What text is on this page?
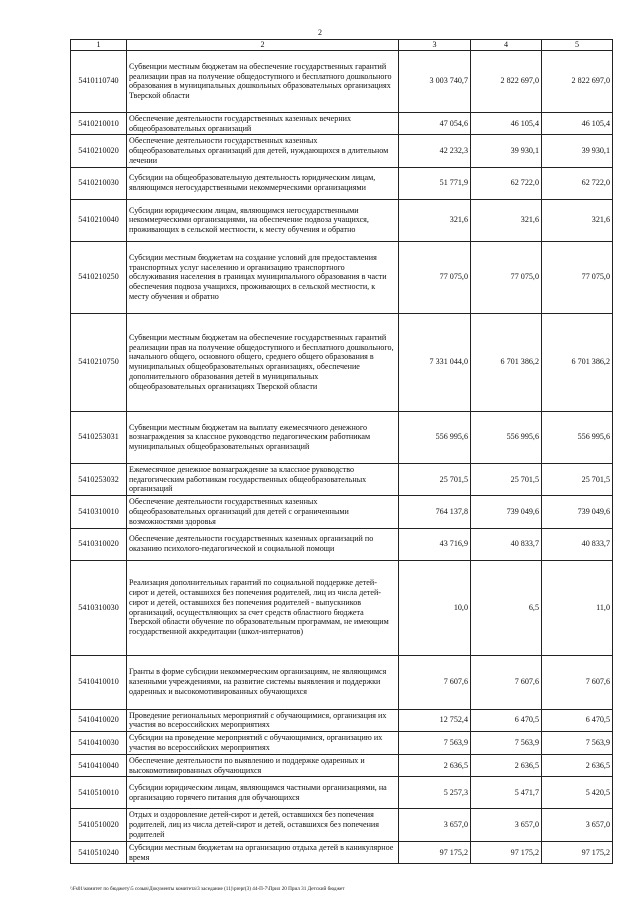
2
1	2	3	4	5
5410110740	Субвенции местным бюджетам на обеспечение государственных гарантий реализации прав на получение общедоступного и бесплатного дошкольного образования в муниципальных дошкольных образовательных организациях Тверской области	3 003 740,7	2 822 697,0	2 822 697,0
5410210010	Обеспечение деятельности государственных казенных вечерних общеобразовательных организаций	47 054,6	46 105,4	46 105,4
5410210020	Обеспечение деятельности государственных казенных общеобразовательных организаций для детей, нуждающихся в длительном лечении	42 232,3	39 930,1	39 930,1
5410210030	Субсидии на общеобразовательную деятельность юридическим лицам, являющимся негосударственными некоммерческими организациями	51 771,9	62 722,0	62 722,0
5410210040	Субсидии юридическим лицам, являющимся негосударственными некоммерческими организациями, на обеспечение подвоза учащихся, проживающих в сельской местности, к месту обучения и обратно	321,6	321,6	321,6
5410210250	Субсидии местным бюджетам на создание условий для предоставления транспортных услуг населению и организацию транспортного обслуживания населения в границах муниципального образования в части обеспечения подвоза учащихся, проживающих в сельской местности, к месту обучения и обратно	77 075,0	77 075,0	77 075,0
5410210750	Субвенции местным бюджетам на обеспечение государственных гарантий реализации прав на получение общедоступного и бесплатного дошкольного, начального общего, основного общего, среднего общего образования в муниципальных общеобразовательных организациях, обеспечение дополнительного образования детей в муниципальных общеобразовательных организациях Тверской области	7 331 044,0	6 701 386,2	6 701 386,2
5410253031	Субвенции местным бюджетам на выплату ежемесячного денежного вознаграждения за классное руководство педагогическим работникам муниципальных общеобразовательных организаций	556 995,6	556 995,6	556 995,6
5410253032	Ежемесячное денежное вознаграждение за классное руководство педагогическим работникам государственных общеобразовательных организаций	25 701,5	25 701,5	25 701,5
5410310010	Обеспечение деятельности государственных казенных общеобразовательных организаций для детей с ограниченными возможностями здоровья	764 137,8	739 049,6	739 049,6
5410310020	Обеспечение деятельности государственных казенных организаций по оказанию психолого-педагогической и социальной помощи	43 716,9	40 833,7	40 833,7
5410310030	Реализация дополнительных гарантий по социальной поддержке детей-сирот и детей, оставшихся без попечения родителей, лиц из числа детей-сирот и детей, оставшихся без попечения родителей - выпускников организаций, осуществляющих за счет средств областного бюджета Тверской области обучение по образовательным программам, не имеющим государственной аккредитации (школ-интернатов)	10,0	6,5	11,0
5410410010	Гранты в форме субсидии некоммерческим организациям, не являющимся казенными учреждениями, на развитие системы выявления и поддержки одаренных и высокомотивированных обучающихся	7 607,6	7 607,6	7 607,6
5410410020	Проведение региональных мероприятий с обучающимися, организация их участия во всероссийских мероприятиях	12 752,4	6 470,5	6 470,5
5410410030	Субсидии на проведение мероприятий с обучающимися, организацию их участия во всероссийских мероприятиях	7 563,9	7 563,9	7 563,9
5410410040	Обеспечение деятельности по выявлению и поддержке одаренных и высокомотивированных обучающихся	2 636,5	2 636,5	2 636,5
5410510010	Субсидии юридическим лицам, являющимся частными организациями, на организацию горячего питания для обучающихся	5 257,3	5 471,7	5 420,5
5410510020	Отдых и оздоровление детей-сирот и детей, оставшихся без попечения родителей, лиц из числа детей-сирот и детей, оставшихся без попечения родителей	3 657,0	3 657,0	3 657,0
5410510240	Субсидии местным бюджетам на организацию отдыха детей в каникулярное время	97 175,2	97 175,2	97 175,2
\\Fs01\комитет по бюджету\5 созыв\Документы комитета\3 заседание (11)\prepr(3) 44-П-7\Прил 20 Прил 31 Детский бюджет
